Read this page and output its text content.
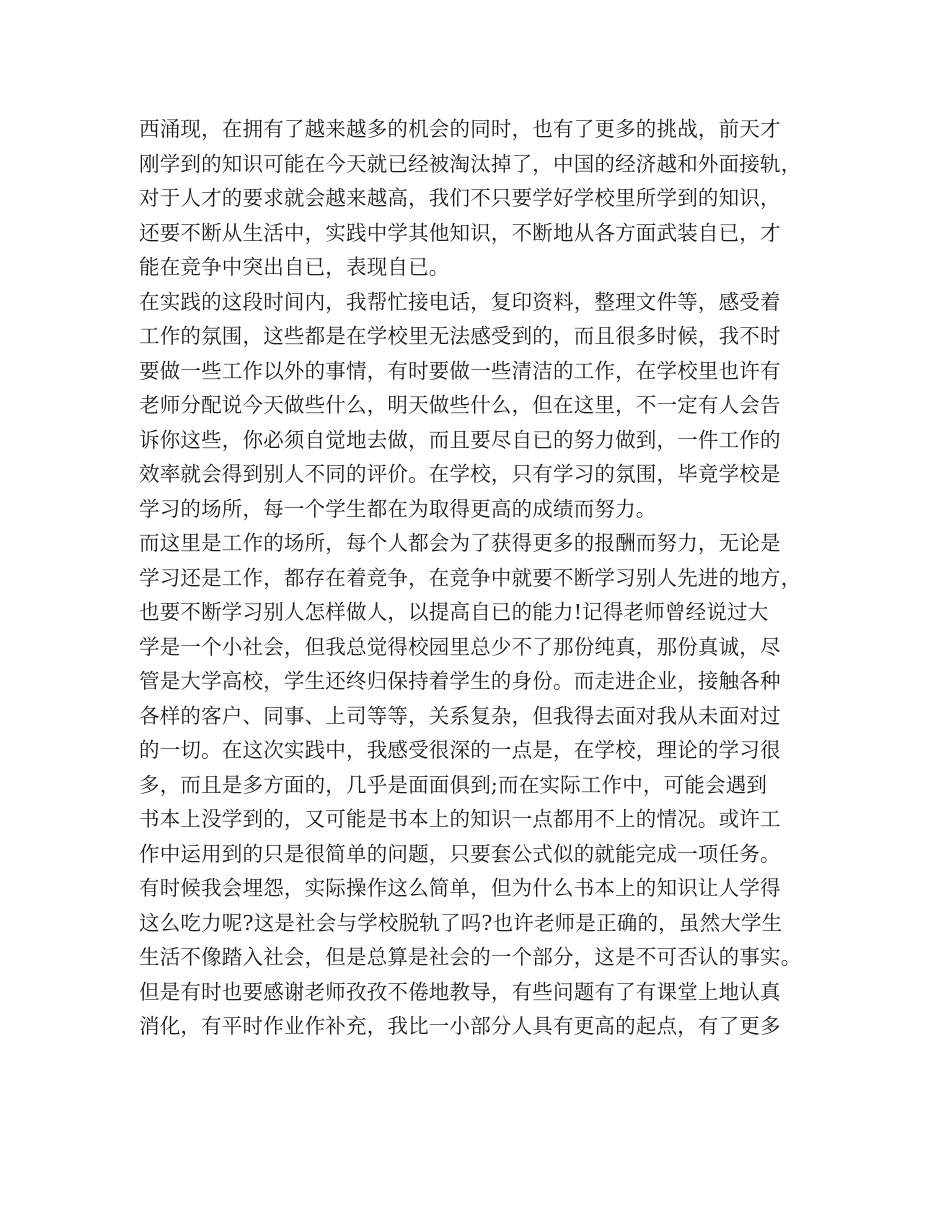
西涌现，在拥有了越来越多的机会的同时，也有了更多的挑战，前天才
刚学到的知识可能在今天就已经被淘汰掉了，中国的经济越和外面接轨，
对于人才的要求就会越来越高，我们不只要学好学校里所学到的知识，
还要不断从生活中，实践中学其他知识，不断地从各方面武装自已，才
能在竞争中突出自已，表现自已。
在实践的这段时间内，我帮忙接电话，复印资料，整理文件等，感受着
工作的氛围，这些都是在学校里无法感受到的，而且很多时候，我不时
要做一些工作以外的事情，有时要做一些清洁的工作，在学校里也许有
老师分配说今天做些什么，明天做些什么，但在这里，不一定有人会告
诉你这些，你必须自觉地去做，而且要尽自已的努力做到，一件工作的
效率就会得到别人不同的评价。在学校，只有学习的氛围，毕竟学校是
学习的场所，每一个学生都在为取得更高的成绩而努力。
而这里是工作的场所，每个人都会为了获得更多的报酬而努力，无论是
学习还是工作，都存在着竞争，在竞争中就要不断学习别人先进的地方，
也要不断学习别人怎样做人，以提高自已的能力!记得老师曾经说过大
学是一个小社会，但我总觉得校园里总少不了那份纯真，那份真诚，尽
管是大学高校，学生还终归保持着学生的身份。而走进企业，接触各种
各样的客户、同事、上司等等，关系复杂，但我得去面对我从未面对过
的一切。在这次实践中，我感受很深的一点是，在学校，理论的学习很
多，而且是多方面的，几乎是面面俱到;而在实际工作中，可能会遇到
书本上没学到的，又可能是书本上的知识一点都用不上的情况。或许工
作中运用到的只是很简单的问题，只要套公式似的就能完成一项任务。
有时候我会埋怨，实际操作这么简单，但为什么书本上的知识让人学得
这么吃力呢?这是社会与学校脱轨了吗?也许老师是正确的，虽然大学生
生活不像踏入社会，但是总算是社会的一个部分，这是不可否认的事实。
但是有时也要感谢老师孜孜不倦地教导，有些问题有了有课堂上地认真
消化，有平时作业作补充，我比一小部分人具有更高的起点，有了更多
